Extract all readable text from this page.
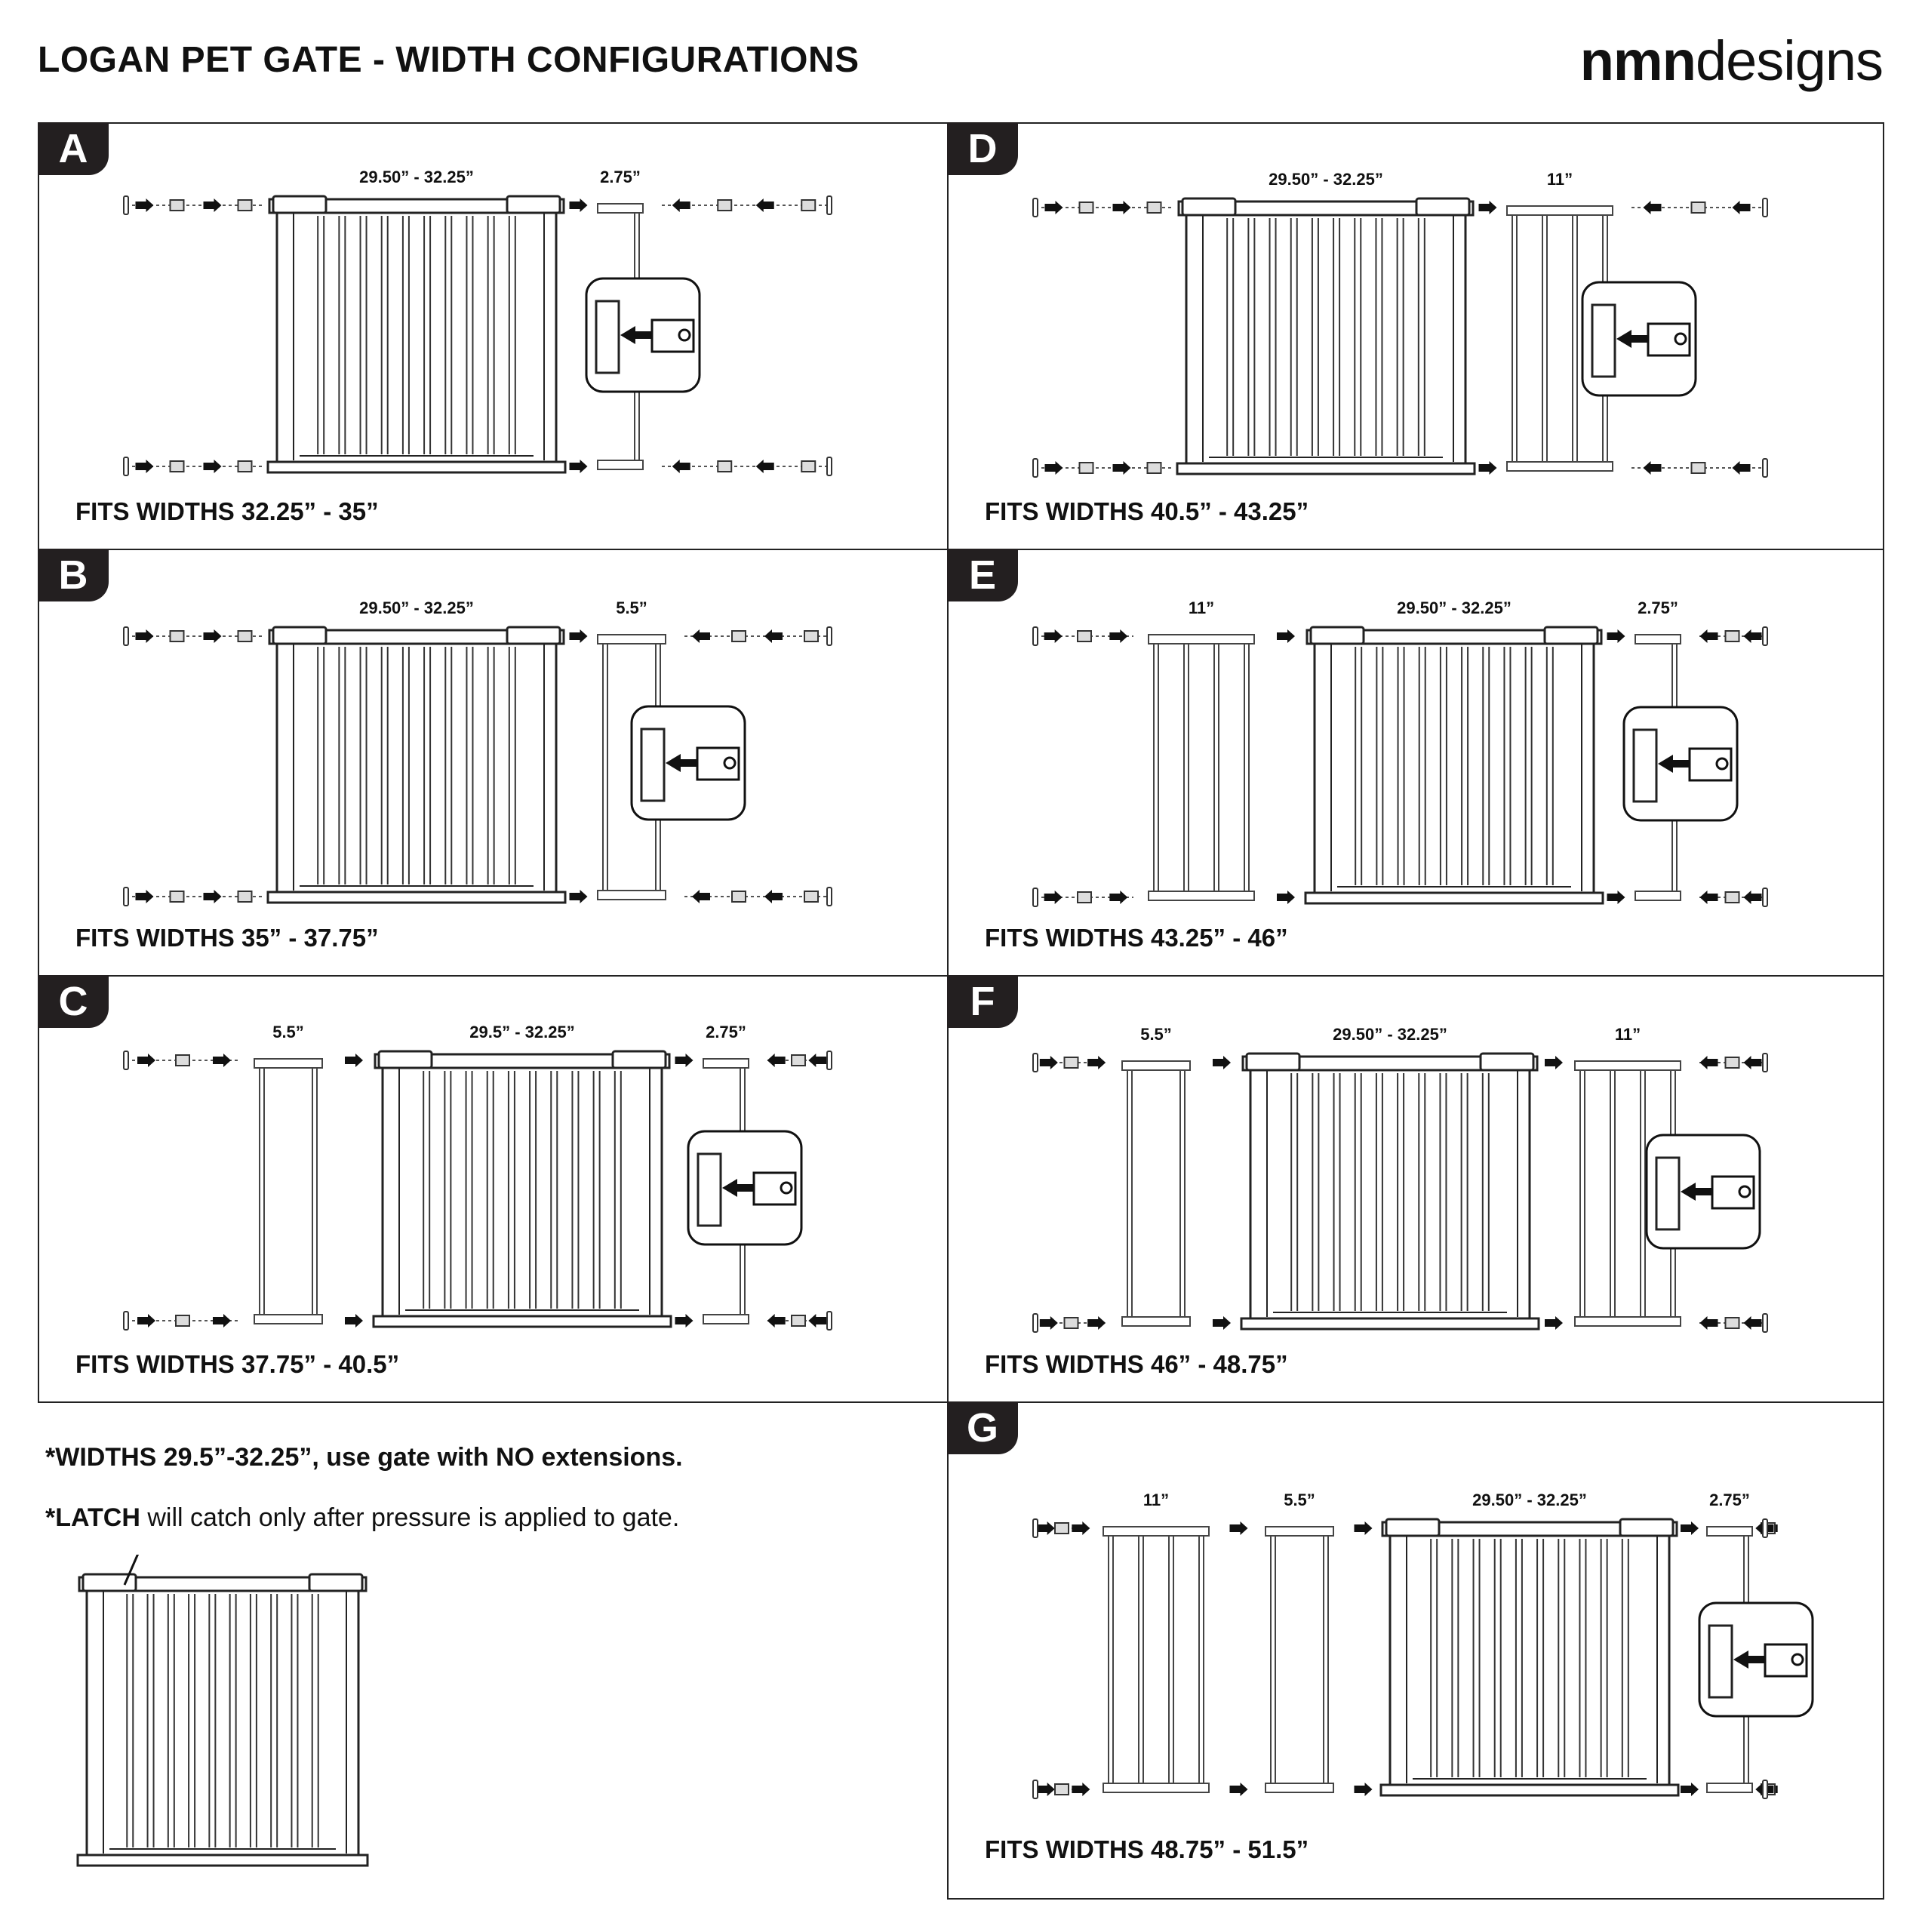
LOGAN PET GATE - WIDTH CONFIGURATIONS	nmndesigns
A
29.50” - 32.25”	2.75”
FITS WIDTHS 32.25” - 35”
B
29.50” - 32.25”	5.5”
FITS WIDTHS 35” - 37.75”
C
5.5”	29.5” - 32.25”	2.75”
FITS WIDTHS 37.75” - 40.5”
D
29.50” - 32.25”	11”
FITS WIDTHS 40.5” - 43.25”
E
11”	29.50” - 32.25”	2.75”
FITS WIDTHS 43.25” - 46”
F
5.5”	29.50” - 32.25”	11”
FITS WIDTHS 46” - 48.75”
G
11”	5.5”	29.50” - 32.25”	2.75”
FITS WIDTHS 48.75” - 51.5”
*WIDTHS 29.5”-32.25”, use gate with NO extensions.
*LATCH will catch only after pressure is applied to gate.
